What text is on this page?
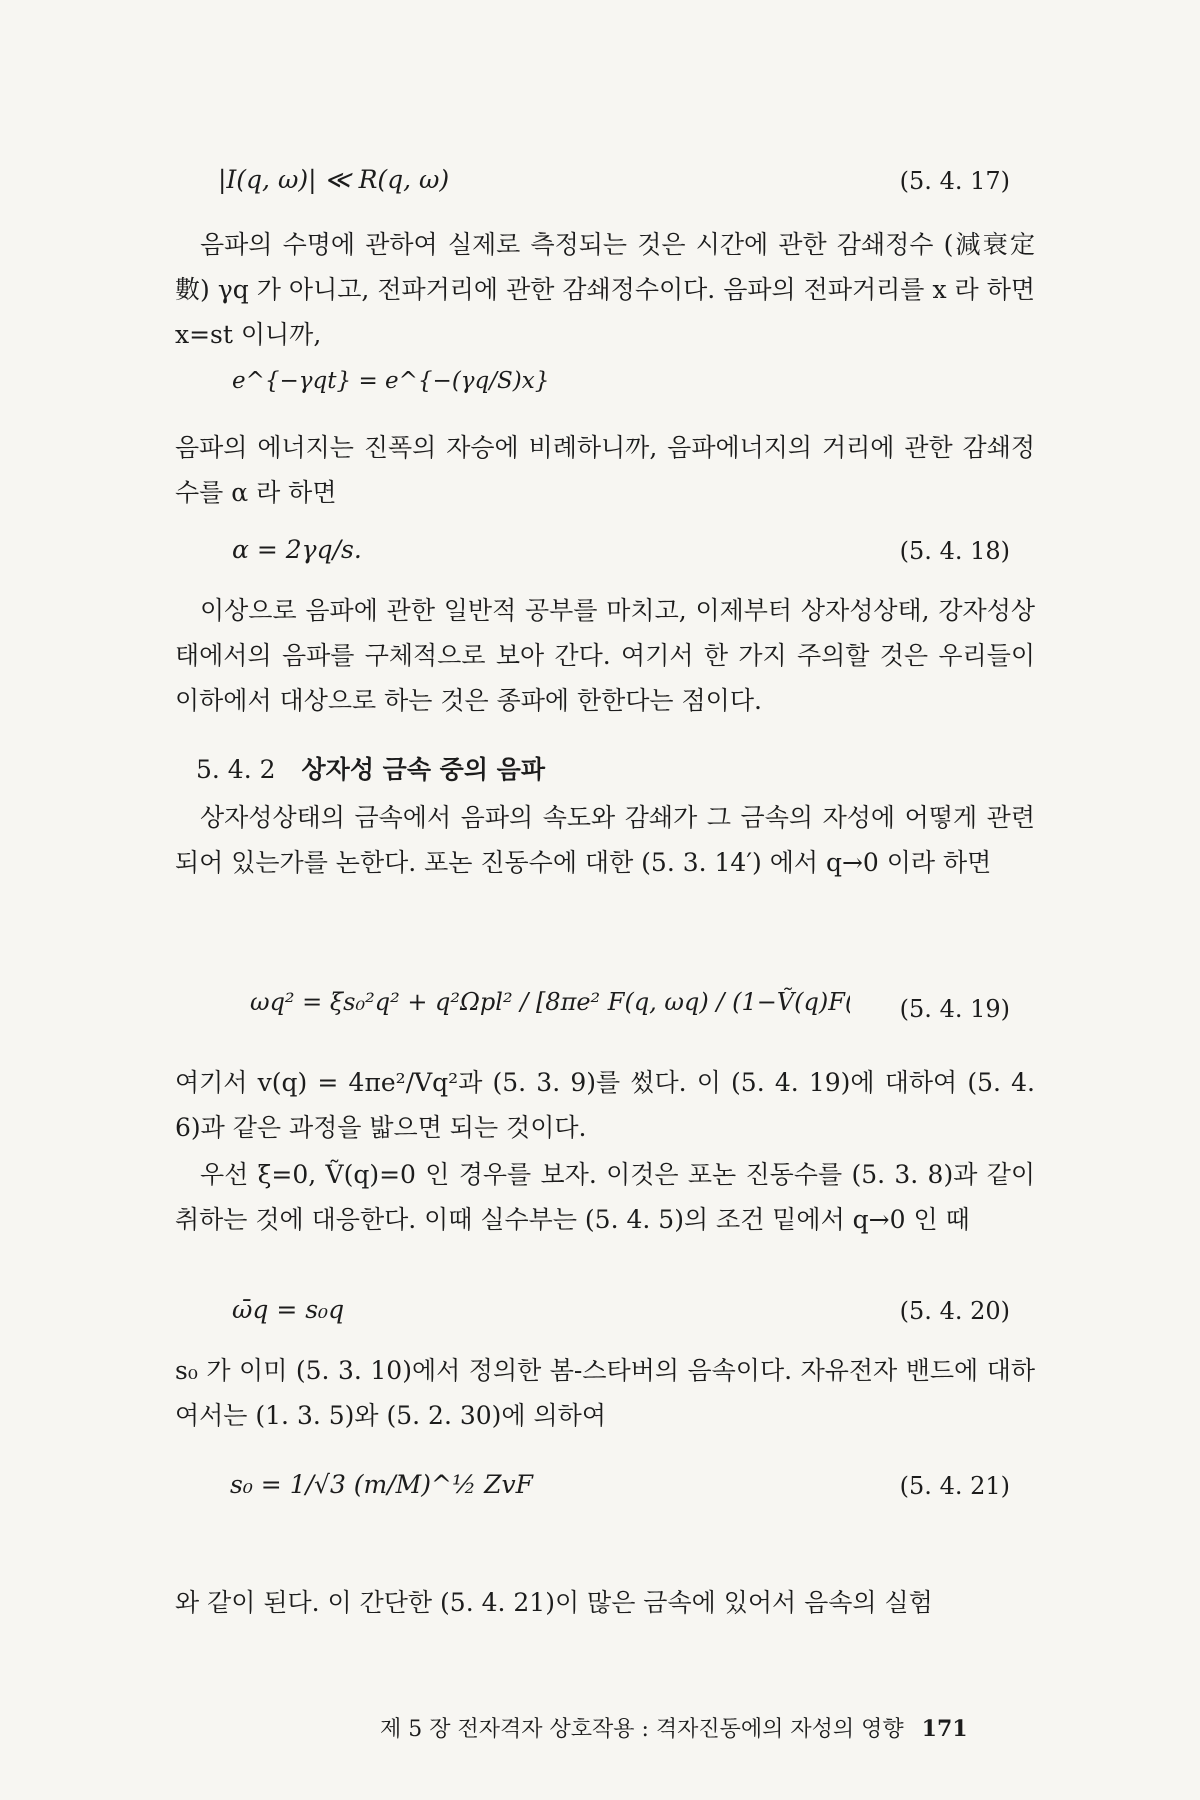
|I(q, ω)| ≪ R(q, ω)	(5. 4. 17)

음파의 수명에 관하여 실제로 측정되는 것은 시간에 관한 감쇄정수 (減衰定數) γq 가 아니고, 전파거리에 관한 감쇄정수이다. 음파의 전파거리를 x 라 하면 x=st 이니까,

e^{−γqt} = e^{−(γq/S)x}

음파의 에너지는 진폭의 자승에 비례하니까, 음파에너지의 거리에 관한 감쇄정수를 α 라 하면

α = 2γq/s.	(5. 4. 18)

이상으로 음파에 관한 일반적 공부를 마치고, 이제부터 상자성상태, 강자성상태에서의 음파를 구체적으로 보아 간다. 여기서 한 가지 주의할 것은 우리들이 이하에서 대상으로 하는 것은 종파에 한한다는 점이다.

5. 4. 2 상자성 금속 중의 음파

상자성상태의 금속에서 음파의 속도와 감쇄가 그 금속의 자성에 어떻게 관련되어 있는가를 논한다. 포논 진동수에 대한 (5. 3. 14′) 에서 q→0 이라 하면

ωq² = ξs₀²q² + q²Ωpl² / [8πe² F(q, ωq) / (1−Ṽ(q)F	(5. 4. 19)

여기서 v(q) = 4πe²/Vq²과 (5. 3. 9)를 썼다. 이 (5. 4. 19)에 대하여 (5. 4. 6)과 같은 과정을 밟으면 되는 것이다.

우선 ξ=0, Ṽ(q)=0 인 경우를 보자. 이것은 포논 진동수를 (5. 3. 8)과 같이 취하는 것에 대응한다. 이때 실수부는 (5. 4. 5)의 조건 밑에서 q→0 인 때

ω̄q = s₀q	(5. 4. 20)

s₀ 가 이미 (5. 3. 10)에서 정의한 봄-스타버의 음속이다. 자유전자 밴드에 대하여서는 (1. 3. 5)와 (5. 2. 30)에 의하여

s₀ = 1/√3 (m/M)^½ ZvF	(5. 4. 21)

와 같이 된다. 이 간단한 (5. 4. 21)이 많은 금속에 있어서 음속의 실험

제 5 장 전자격자 상호작용 : 격자진동에의 자성의 영향 171
